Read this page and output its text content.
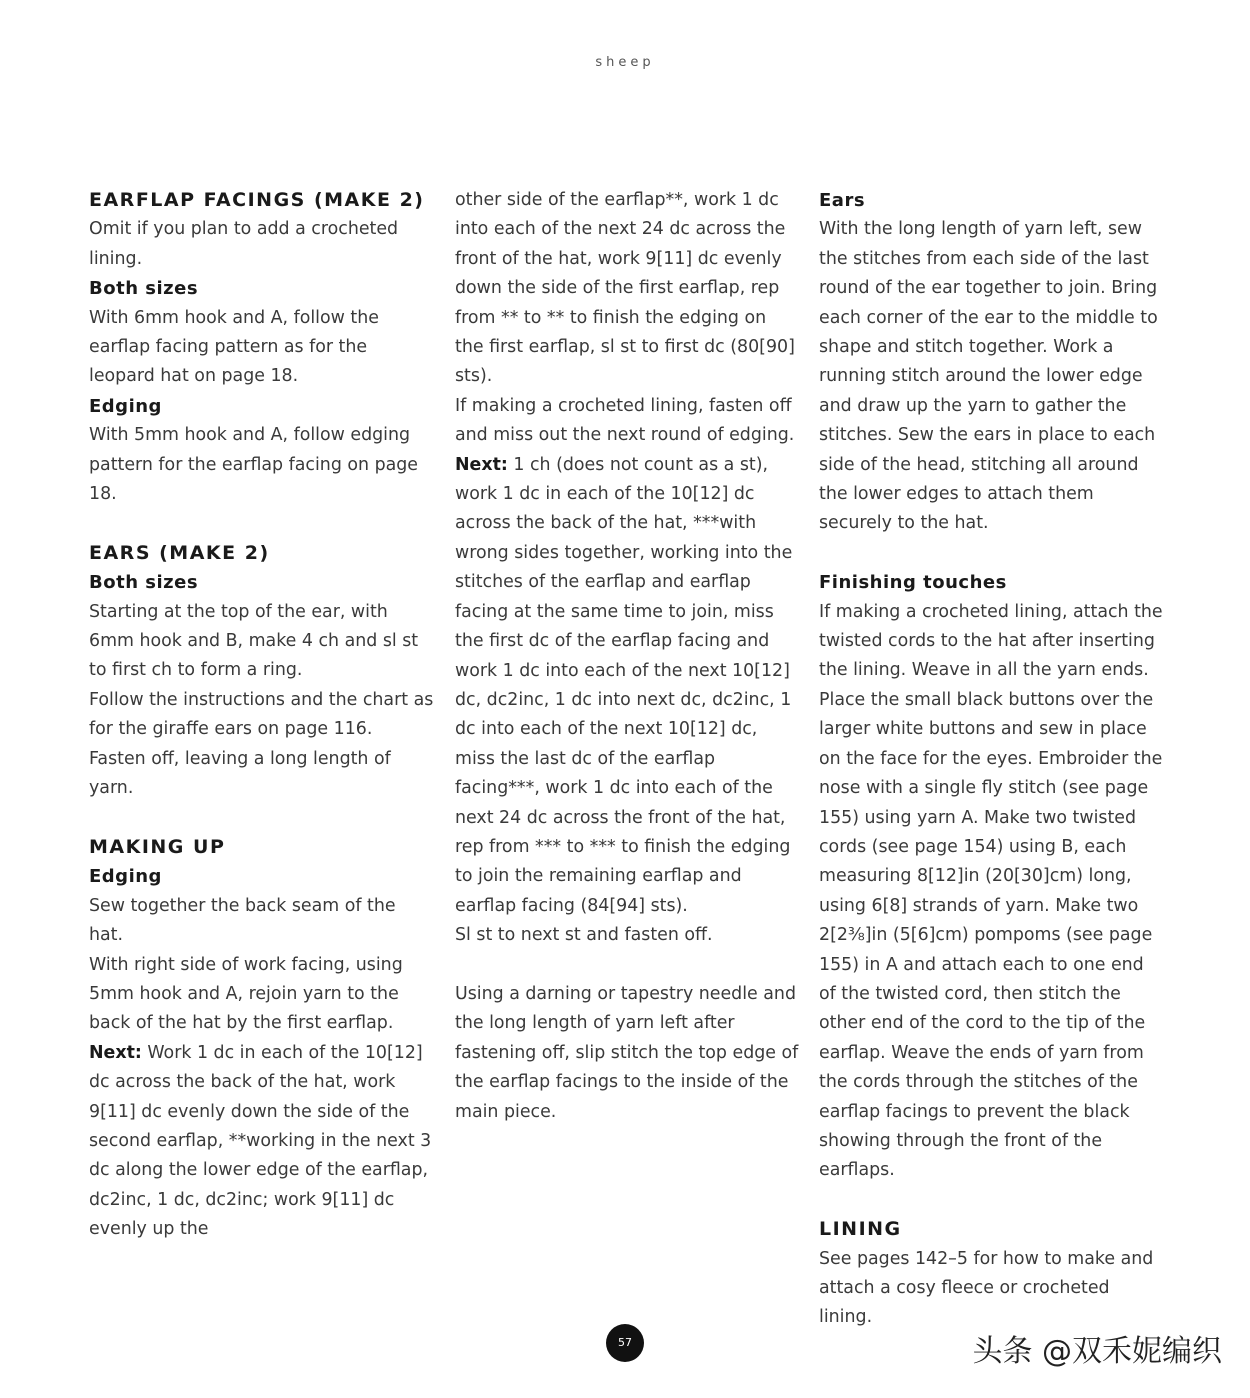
sheep
EARFLAP FACINGS (MAKE 2)

Omit if you plan to add a crocheted lining.

Both sizes

With 6mm hook and A, follow the earflap facing pattern as for the leopard hat on page 18.

Edging

With 5mm hook and A, follow edging pattern for the earflap facing on page 18.

EARS (MAKE 2)
Both sizes

Starting at the top of the ear, with 6mm hook and B, make 4 ch and sl st to first ch to form a ring.

Follow the instructions and the chart as for the giraffe ears on page 116.

Fasten off, leaving a long length of yarn.

MAKING UP
Edging

Sew together the back seam of the hat.

With right side of work facing, using 5mm hook and A, rejoin yarn to the back of the hat by the first earflap.

Next: Work 1 dc in each of the 10[12] dc across the back of the hat, work 9[11] dc evenly down the side of the second earflap, **working in the next 3 dc along the lower edge of the earflap, dc2inc, 1 dc, dc2inc; work 9[11] dc evenly up the

other side of the earflap**, work 1 dc into each of the next 24 dc across the front of the hat, work 9[11] dc evenly down the side of the first earflap, rep from ** to ** to finish the edging on the first earflap, sl st to first dc (80[90] sts).

If making a crocheted lining, fasten off and miss out the next round of edging.

Next: 1 ch (does not count as a st), work 1 dc in each of the 10[12] dc across the back of the hat, ***with wrong sides together, working into the stitches of the earflap and earflap facing at the same time to join, miss the first dc of the earflap facing and work 1 dc into each of the next 10[12] dc, dc2inc, 1 dc into next dc, dc2inc, 1 dc into each of the next 10[12] dc, miss the last dc of the earflap facing***, work 1 dc into each of the next 24 dc across the front of the hat, rep from *** to *** to finish the edging to join the remaining earflap and earflap facing (84[94] sts).

Sl st to next st and fasten off.

Using a darning or tapestry needle and the long length of yarn left after fastening off, slip stitch the top edge of the earflap facings to the inside of the main piece.

Ears

With the long length of yarn left, sew the stitches from each side of the last round of the ear together to join. Bring each corner of the ear to the middle to shape and stitch together. Work a running stitch around the lower edge and draw up the yarn to gather the stitches. Sew the ears in place to each side of the head, stitching all around the lower edges to attach them securely to the hat.

Finishing touches

If making a crocheted lining, attach the twisted cords to the hat after inserting the lining. Weave in all the yarn ends. Place the small black buttons over the larger white buttons and sew in place on the face for the eyes. Embroider the nose with a single fly stitch (see page 155) using yarn A. Make two twisted cords (see page 154) using B, each measuring 8[12]in (20[30]cm) long, using 6[8] strands of yarn. Make two 2[2⅜]in (5[6]cm) pompoms (see page 155) in A and attach each to one end of the twisted cord, then stitch the other end of the cord to the tip of the earflap. Weave the ends of yarn from the cords through the stitches of the earflap facings to prevent the black showing through the front of the earflaps.

LINING

See pages 142–5 for how to make and attach a cosy fleece or crocheted lining.

57	头条 @双禾妮编织
